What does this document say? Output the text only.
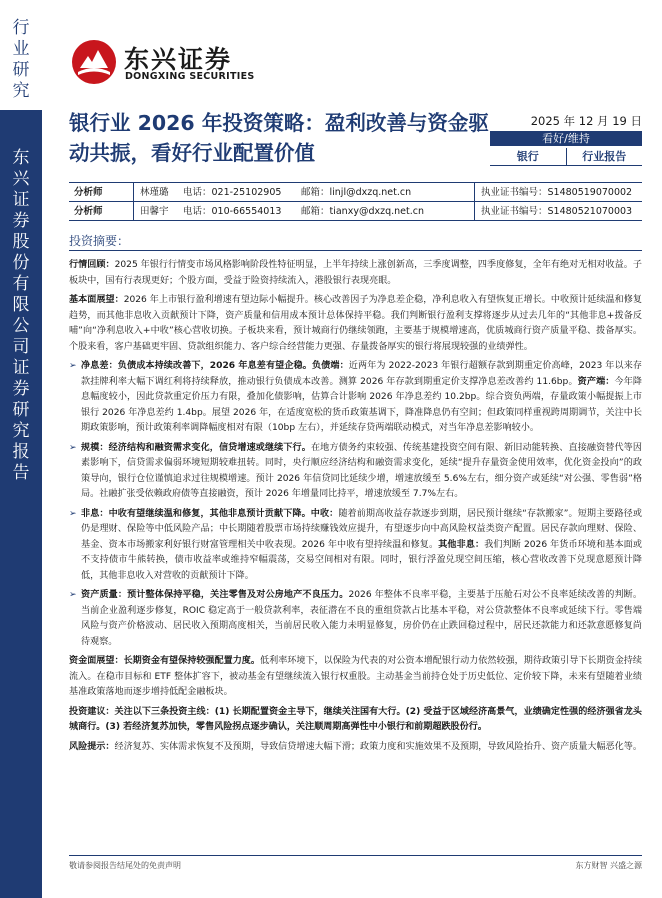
行业研究
东兴证券股份有限公司证券研究报告
东兴证券
DONGXING SECURITIES
银行业 2026 年投资策略：盈利改善与资金驱动共振，看好行业配置价值
2025 年 12 月 19 日
看好/维持
银行	行业报告
分析师	林瑾璐 电话：021-25102905 邮箱：linjl@dxzq.net.cn	执业证书编号：S1480519070002
分析师	田馨宇 电话：010-66554013 邮箱：tianxy@dxzq.net.cn	执业证书编号：S1480521070003
投资摘要：

行情回顾：2025 年银行行情变市场风格影响阶段性特征明显，上半年持续上涨创新高，三季度调整，四季度修复，全年有绝对无相对收益。子板块中，国有行表现更好；个股方面，受益于险资持续流入，港股银行表现亮眼。

基本面展望：2026 年上市银行盈利增速有望边际小幅提升。核心改善因子为净息差企稳，净利息收入有望恢复正增长。中收预计延续温和修复趋势，而其他非息收入贡献预计下降，资产质量和信用成本预计总体保持平稳。我们判断银行盈利支撑将逐步从过去几年的“其他非息+拨备反哺”向“净利息收入+中收”核心营收切换。子板块来看，预计城商行仍继续领跑，主要基于规模增速高，优质城商行资产质量平稳、拨备厚实。个股来看，客户基础更牢固、贷款组织能力、客户综合经营能力更强、存量拨备厚实的银行将展现较强的业绩弹性。

➢ 净息差：负债成本持续改善下，2026 年息差有望企稳。负债端：近两年为 2022-2023 年银行超额存款到期重定价高峰，2023 年以来存款挂牌利率大幅下调红利将持续释放，推动银行负债成本改善。测算 2026 年存款到期重定价支撑净息差改善约 11.6bp。资产端：今年降息幅度较小，因此贷款重定价压力有限，叠加化债影响，估算合计影响 2026 年净息差约 10.2bp。综合资负两端，存量政策小幅提振上市银行 2026 年净息差约 1.4bp。展望 2026 年，在适度宽松的货币政策基调下，降准降息仍有空间；但政策同样重视跨周期调节，关注中长期政策影响，预计政策利率调降幅度相对有限（10bp 左右），并延续存贷两端联动模式，对当年净息差影响较小。

➢ 规模：经济结构和融资需求变化，信贷增速或继续下行。在地方债务约束较强、传统基建投资空间有限、新旧动能转换、直接融资替代等因素影响下，信贷需求偏弱环境短期较难扭转。同时，央行顺应经济结构和融资需求变化，延续“提升存量资金使用效率，优化资金投向”的政策导向，银行仓位谨慎追求过往规模增速。预计 2026 年信贷同比延续少增，增速放缓至 5.6%左右，细分资产或延续“对公强、零售弱”格局。社融扩张受依赖政府债等直接融资，预计 2026 年增量同比持平，增速放缓至 7.7%左右。

➢ 非息：中收有望继续温和修复，其他非息预计贡献下降。中收：随着前期高收益存款逐步到期，居民预计继续“存款搬家”。短期主要路径或仍是理财、保险等中低风险产品；中长期随着股票市场持续赚钱效应提升，有望逐步向中高风险权益类资产配置。居民存款向理财、保险、基金、资本市场搬家利好银行财富管理相关中收表现。2026 年中收有望持续温和修复。其他非息：我们判断 2026 年货币环境和基本面或不支持债市牛熊转换，债市收益率或维持窄幅震荡，交易空间相对有限。同时，银行浮盈兑现空间压缩，核心营收改善下兑现意愿预计降低，其他非息收入对营收的贡献预计下降。

➢ 资产质量：预计整体保持平稳，关注零售及对公房地产不良压力。2026 年整体不良率平稳，主要基于压舱石对公不良率延续改善的判断。当前企业盈利逐步修复，ROIC 稳定高于一般贷款利率，表征潜在不良的重组贷款占比基本平稳，对公贷款整体不良率或延续下行。零售端风险与资产价格波动、居民收入预期高度相关，当前居民收入能力未明显修复，房价仍在止跌回稳过程中，居民还款能力和还款意愿修复尚待观察。

资金面展望：长期资金有望保持较强配置力度。低利率环境下，以保险为代表的对公资本增配银行动力依然较强，期待政策引导下长期资金持续流入。在稳市目标和 ETF 整体扩容下，被动基金有望继续流入银行权重股。主动基金当前持仓处于历史低位、定价较下降，未来有望随着业绩基准政策落地而逐步增持低配金融板块。

投资建议：关注以下三条投资主线：(1) 长期配置资金主导下，继续关注国有大行。(2) 受益于区域经济高景气，业绩确定性强的经济强省龙头城商行。(3) 若经济复苏加快，零售风险拐点逐步确认，关注顺周期高弹性中小银行和前期超跌股份行。

风险提示：经济复苏、实体需求恢复不及预期，导致信贷增速大幅下滑；政策力度和实施效果不及预期，导致风险抬升、资产质量大幅恶化等。

敬请参阅报告结尾处的免责声明	东方财智 兴盛之源
